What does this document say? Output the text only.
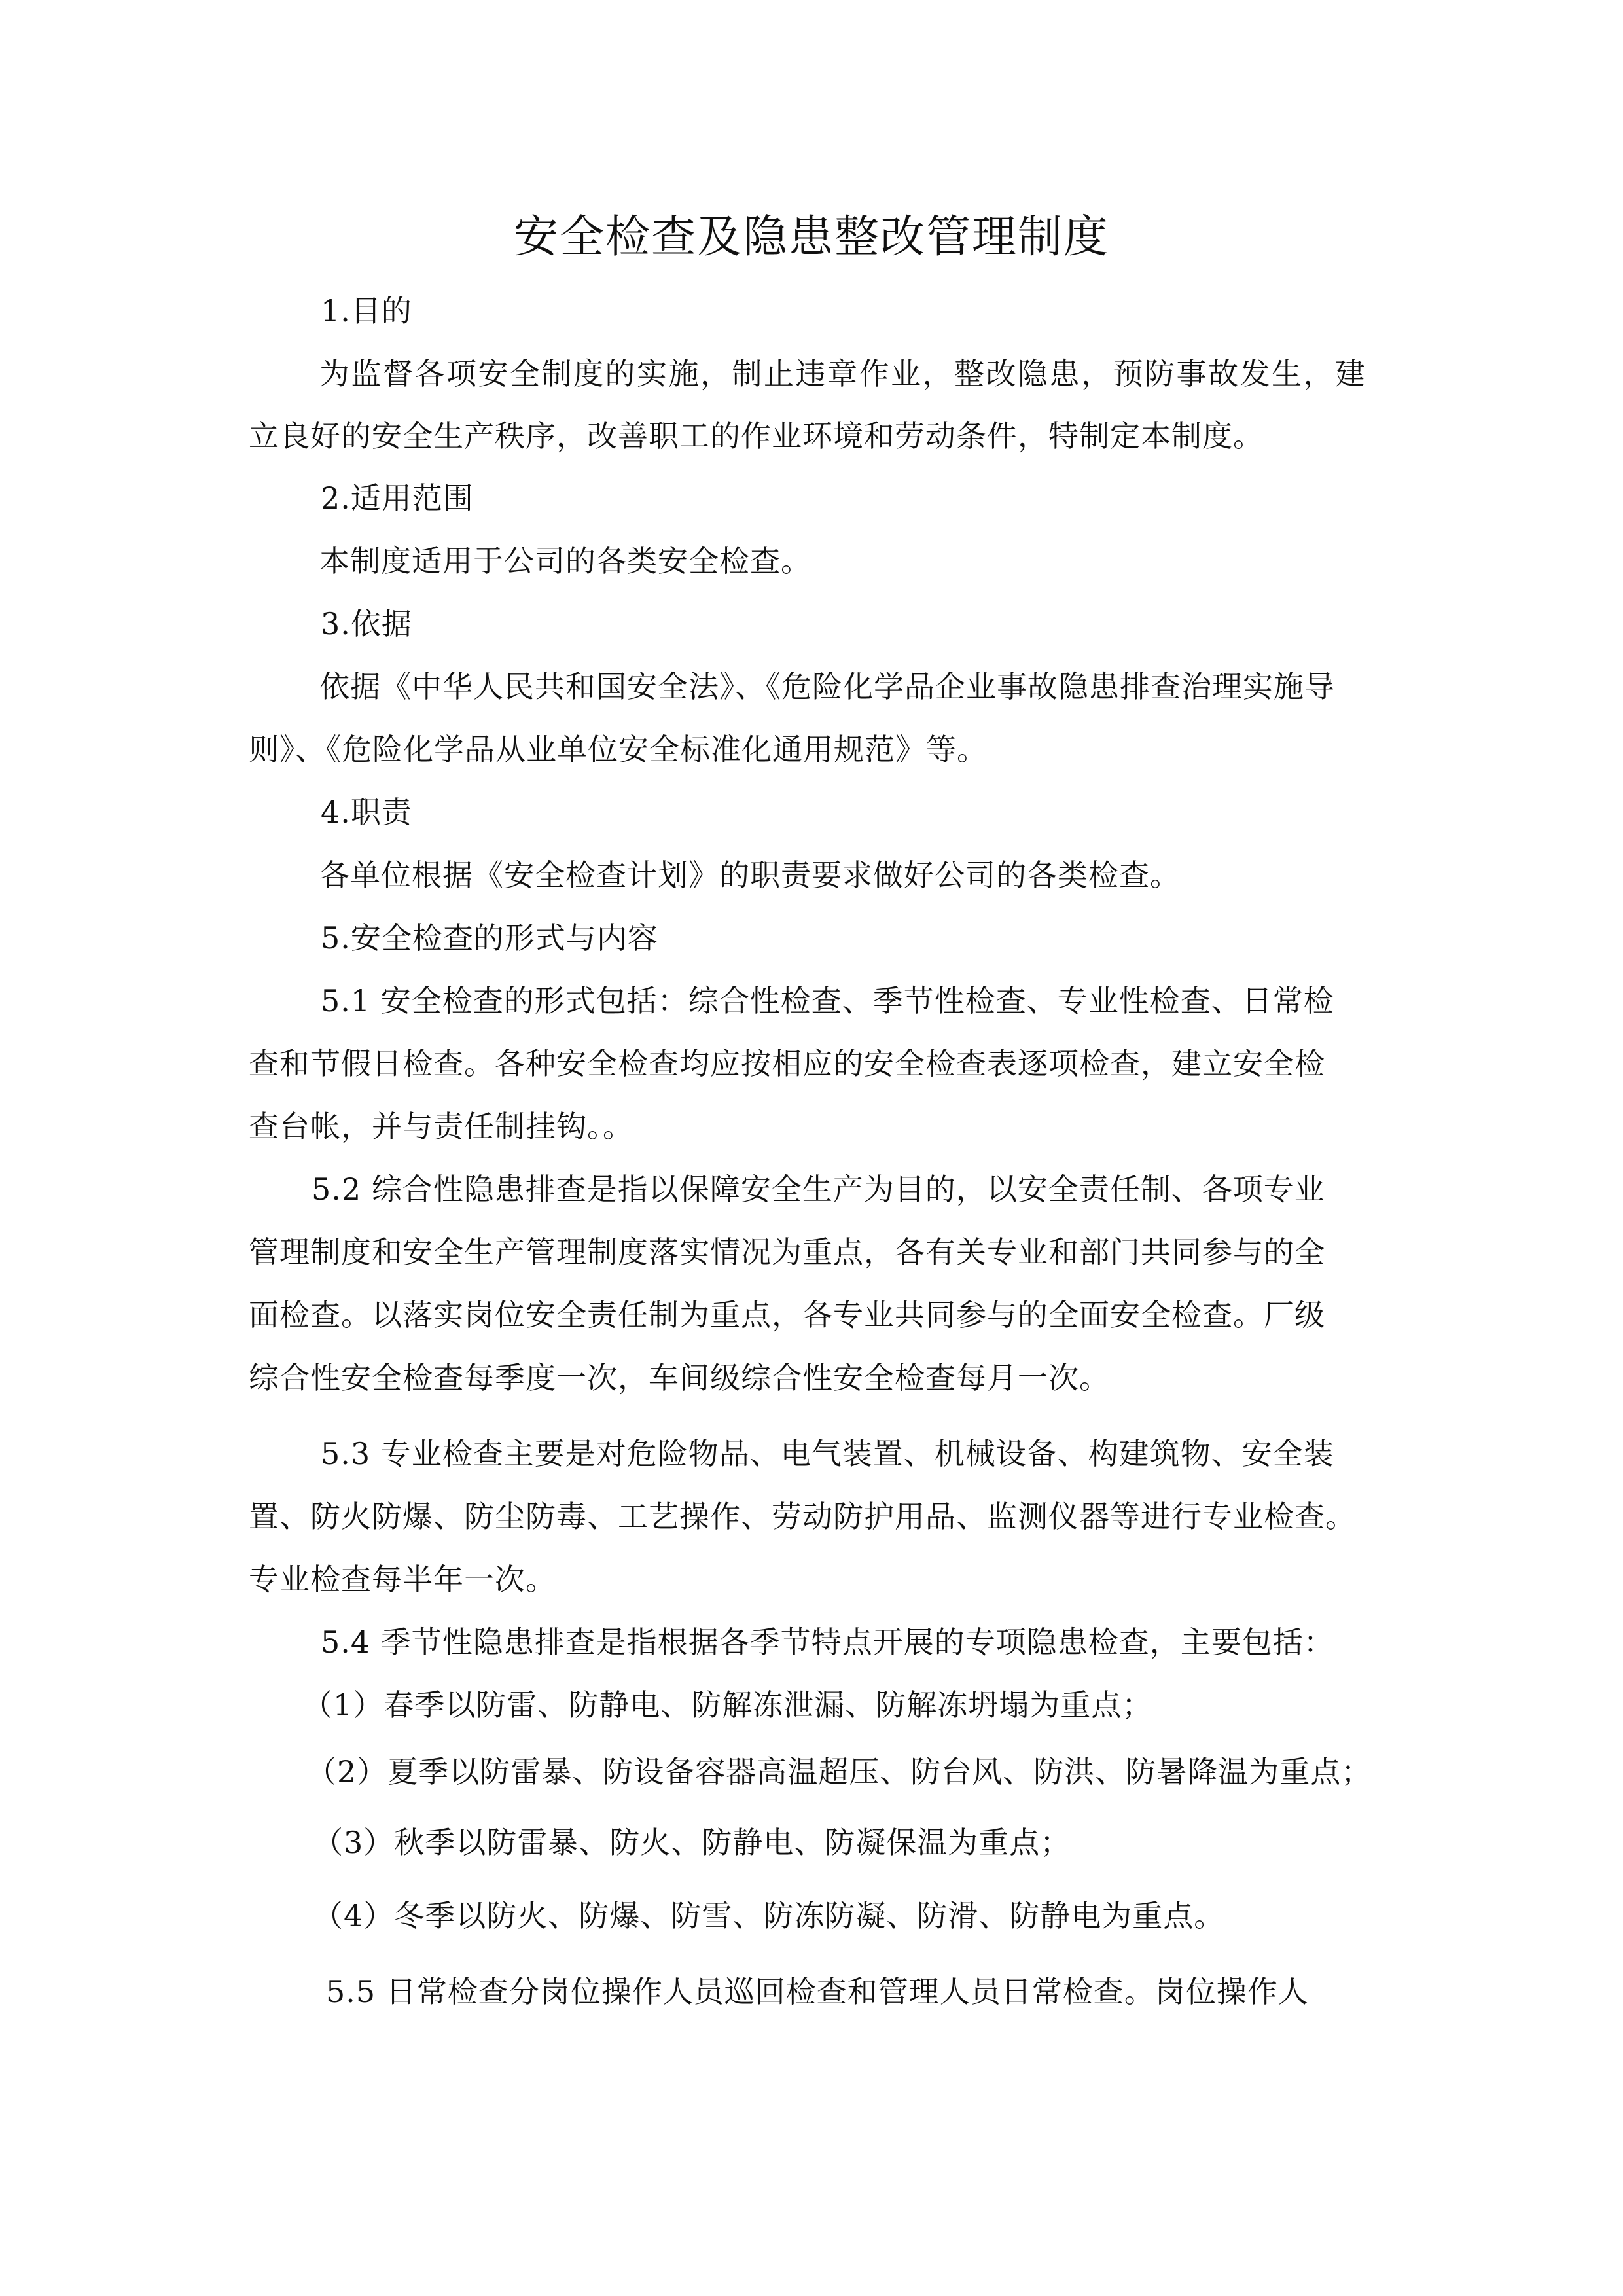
安全检查及隐患整改管理制度

1.目的

为监督各项安全制度的实施，制止违章作业，整改隐患，预防事故发生，建

立良好的安全生产秩序，改善职工的作业环境和劳动条件，特制定本制度。

2.适用范围

本制度适用于公司的各类安全检查。

3.依据

依据《中华人民共和国安全法》、《危险化学品企业事故隐患排查治理实施导

则》、《危险化学品从业单位安全标准化通用规范》等。

4.职责

各单位根据《安全检查计划》的职责要求做好公司的各类检查。

5.安全检查的形式与内容

5.1 安全检查的形式包括：综合性检查、季节性检查、专业性检查、日常检

查和节假日检查。各种安全检查均应按相应的安全检查表逐项检查，建立安全检

查台帐，并与责任制挂钩。。

5.2 综合性隐患排查是指以保障安全生产为目的，以安全责任制、各项专业

管理制度和安全生产管理制度落实情况为重点，各有关专业和部门共同参与的全

面检查。以落实岗位安全责任制为重点，各专业共同参与的全面安全检查。厂级

综合性安全检查每季度一次，车间级综合性安全检查每月一次。

5.3 专业检查主要是对危险物品、电气装置、机械设备、构建筑物、安全装

置、防火防爆、防尘防毒、工艺操作、劳动防护用品、监测仪器等进行专业检查。

专业检查每半年一次。

5.4 季节性隐患排查是指根据各季节特点开展的专项隐患检查，主要包括：

（1）春季以防雷、防静电、防解冻泄漏、防解冻坍塌为重点；

（2）夏季以防雷暴、防设备容器高温超压、防台风、防洪、防暑降温为重点；

（3）秋季以防雷暴、防火、防静电、防凝保温为重点；

（4）冬季以防火、防爆、防雪、防冻防凝、防滑、防静电为重点。

5.5 日常检查分岗位操作人员巡回检查和管理人员日常检查。岗位操作人
